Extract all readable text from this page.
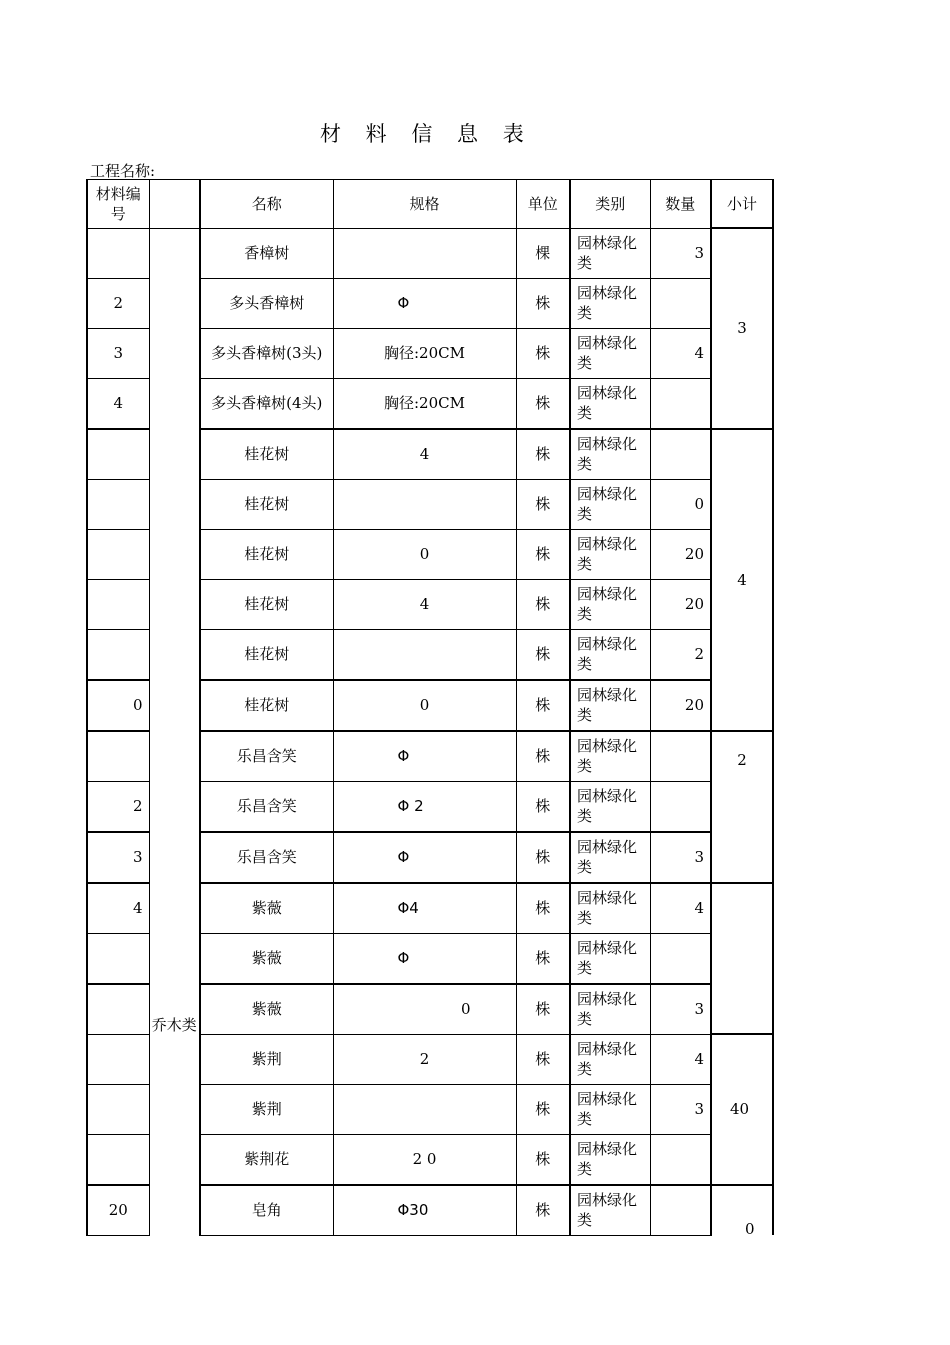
材 料 信 息 表
工程名称:
材料编号		名称	规格	单位	类别	数量	小计
	乔木类	香樟树		棵	园林绿化类	3	3
2		多头香樟树	Φ	株	园林绿化类		
3		多头香樟树(3头)	胸径:20CM	株	园林绿化类	4	
4		多头香樟树(4头)	胸径:20CM	株	园林绿化类		
		桂花树	4	株	园林绿化类		4
		桂花树		株	园林绿化类	0	
		桂花树	0	株	园林绿化类	20	
		桂花树	4	株	园林绿化类	20	
		桂花树		株	园林绿化类	2	
0		桂花树	0	株	园林绿化类	20	
		乐昌含笑	Φ	株	园林绿化类		2
2		乐昌含笑	Φ 2	株	园林绿化类		
3		乐昌含笑	Φ	株	园林绿化类	3	
4		紫薇	Φ4	株	园林绿化类	4	
		紫薇	Φ	株	园林绿化类		
		紫薇	0	株	园林绿化类	3	
		紫荆	2	株	园林绿化类	4	40
		紫荆		株	园林绿化类	3	
		紫荆花	2 0	株	园林绿化类		
20		皂角	Φ30	株	园林绿化类			0
